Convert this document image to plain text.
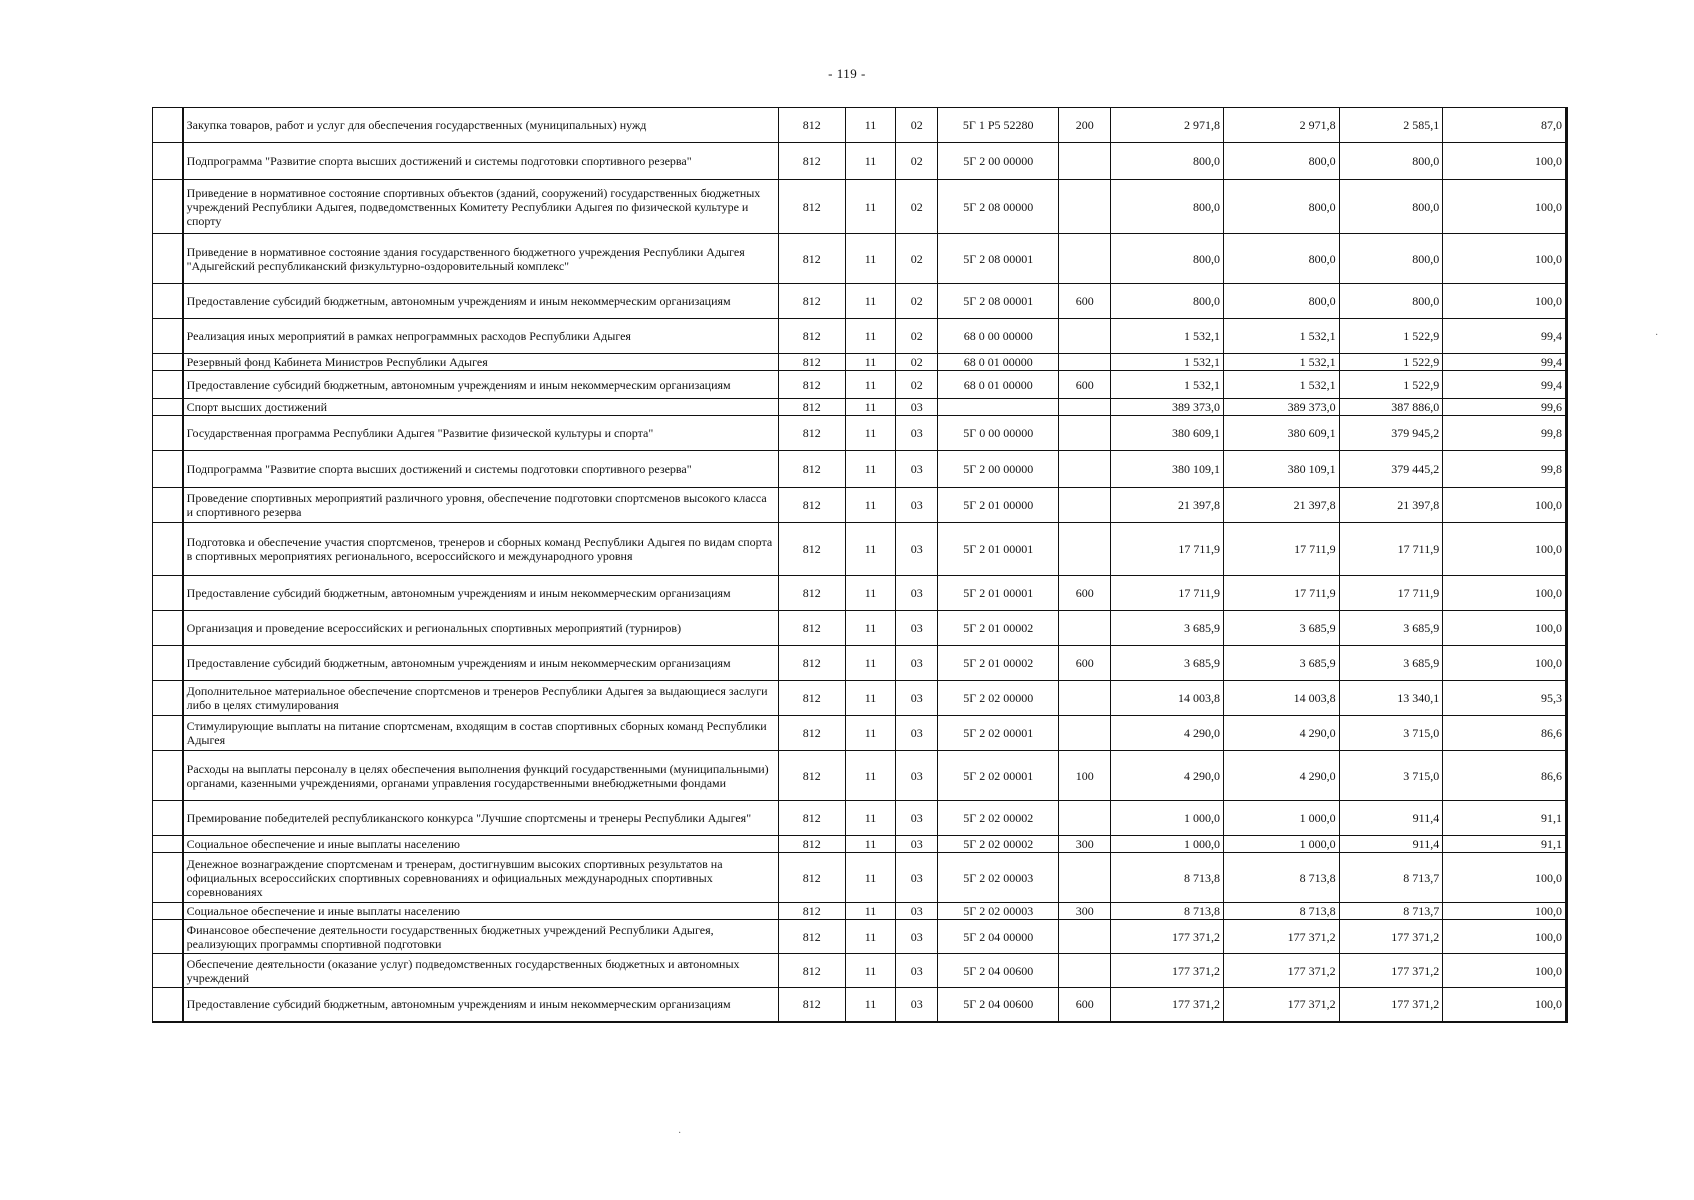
- 119 -
	Закупка товаров, работ и услуг для обеспечения государственных (муниципальных) нужд	812	11	02	5Г 1 Р5 52280	200	2 971,8	2 971,8	2 585,1	87,0
	Подпрограмма "Развитие спорта высших достижений и системы подготовки спортивного резерва"	812	11	02	5Г 2 00 00000		800,0	800,0	800,0	100,0
	Приведение в нормативное состояние спортивных объектов (зданий, сооружений) государственных бюджетных учреждений Республики Адыгея, подведомственных Комитету Республики Адыгея по физической культуре и спорту	812	11	02	5Г 2 08 00000		800,0	800,0	800,0	100,0
	Приведение в нормативное состояние здания государственного бюджетного учреждения Республики Адыгея "Адыгейский республиканский физкультурно-оздоровительный комплекс"	812	11	02	5Г 2 08 00001		800,0	800,0	800,0	100,0
	Предоставление субсидий бюджетным, автономным учреждениям и иным некоммерческим организациям	812	11	02	5Г 2 08 00001	600	800,0	800,0	800,0	100,0
	Реализация иных мероприятий в рамках непрограммных расходов Республики Адыгея	812	11	02	68 0 00 00000		1 532,1	1 532,1	1 522,9	99,4
	Резервный фонд Кабинета Министров Республики Адыгея	812	11	02	68 0 01 00000		1 532,1	1 532,1	1 522,9	99,4
	Предоставление субсидий бюджетным, автономным учреждениям и иным некоммерческим организациям	812	11	02	68 0 01 00000	600	1 532,1	1 532,1	1 522,9	99,4
	Спорт высших достижений	812	11	03			389 373,0	389 373,0	387 886,0	99,6
	Государственная программа Республики Адыгея "Развитие физической культуры и спорта"	812	11	03	5Г 0 00 00000		380 609,1	380 609,1	379 945,2	99,8
	Подпрограмма "Развитие спорта высших достижений и системы подготовки спортивного резерва"	812	11	03	5Г 2 00 00000		380 109,1	380 109,1	379 445,2	99,8
	Проведение спортивных мероприятий различного уровня, обеспечение подготовки спортсменов высокого класса и спортивного резерва	812	11	03	5Г 2 01 00000		21 397,8	21 397,8	21 397,8	100,0
	Подготовка и обеспечение участия спортсменов, тренеров и сборных команд Республики Адыгея по видам спорта в спортивных мероприятиях регионального, всероссийского и международного уровня	812	11	03	5Г 2 01 00001		17 711,9	17 711,9	17 711,9	100,0
	Предоставление субсидий бюджетным, автономным учреждениям и иным некоммерческим организациям	812	11	03	5Г 2 01 00001	600	17 711,9	17 711,9	17 711,9	100,0
	Организация и проведение всероссийских и региональных спортивных мероприятий (турниров)	812	11	03	5Г 2 01 00002		3 685,9	3 685,9	3 685,9	100,0
	Предоставление субсидий бюджетным, автономным учреждениям и иным некоммерческим организациям	812	11	03	5Г 2 01 00002	600	3 685,9	3 685,9	3 685,9	100,0
	Дополнительное материальное обеспечение спортсменов и тренеров Республики Адыгея за выдающиеся заслуги либо в целях стимулирования	812	11	03	5Г 2 02 00000		14 003,8	14 003,8	13 340,1	95,3
	Стимулирующие выплаты на питание спортсменам, входящим в состав спортивных сборных команд Республики Адыгея	812	11	03	5Г 2 02 00001		4 290,0	4 290,0	3 715,0	86,6
	Расходы на выплаты персоналу в целях обеспечения выполнения функций государственными (муниципальными) органами, казенными учреждениями, органами управления государственными внебюджетными фондами	812	11	03	5Г 2 02 00001	100	4 290,0	4 290,0	3 715,0	86,6
	Премирование победителей республиканского конкурса "Лучшие спортсмены и тренеры Республики Адыгея"	812	11	03	5Г 2 02 00002		1 000,0	1 000,0	911,4	91,1
	Социальное обеспечение и иные выплаты населению	812	11	03	5Г 2 02 00002	300	1 000,0	1 000,0	911,4	91,1
	Денежное вознаграждение спортсменам и тренерам, достигнувшим высоких спортивных результатов на официальных всероссийских спортивных соревнованиях и официальных международных спортивных соревнованиях	812	11	03	5Г 2 02 00003		8 713,8	8 713,8	8 713,7	100,0
	Социальное обеспечение и иные выплаты населению	812	11	03	5Г 2 02 00003	300	8 713,8	8 713,8	8 713,7	100,0
	Финансовое обеспечение деятельности государственных бюджетных учреждений Республики Адыгея, реализующих программы спортивной подготовки	812	11	03	5Г 2 04 00000		177 371,2	177 371,2	177 371,2	100,0
	Обеспечение деятельности (оказание услуг) подведомственных государственных бюджетных и автономных учреждений	812	11	03	5Г 2 04 00600		177 371,2	177 371,2	177 371,2	100,0
	Предоставление субсидий бюджетным, автономным учреждениям и иным некоммерческим организациям	812	11	03	5Г 2 04 00600	600	177 371,2	177 371,2	177 371,2	100,0
·
·
